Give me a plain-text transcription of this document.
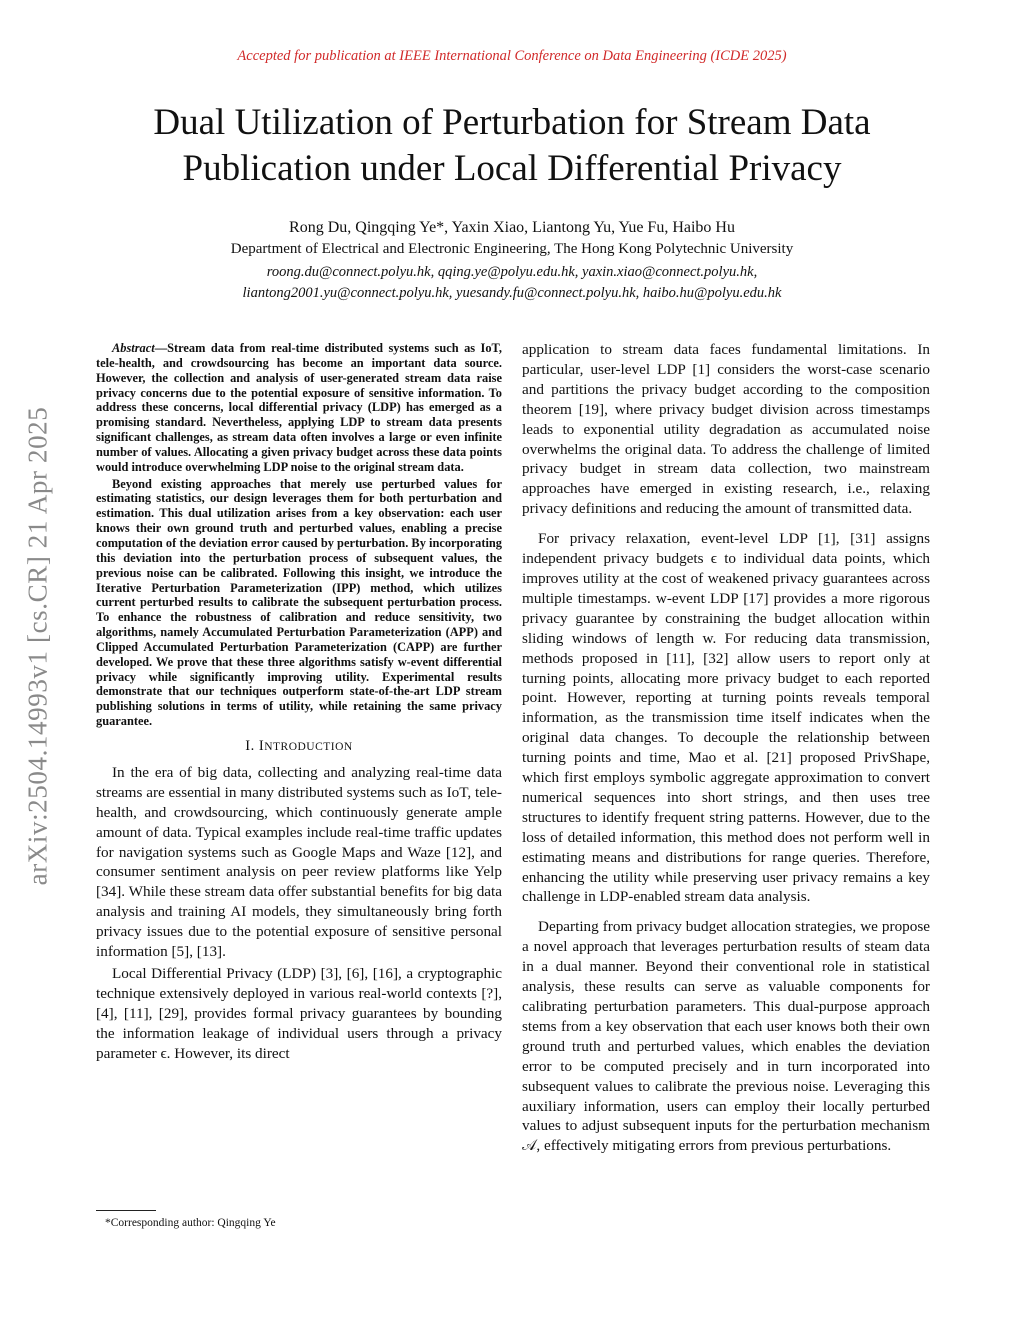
Accepted for publication at IEEE International Conference on Data Engineering (ICDE 2025)
Dual Utilization of Perturbation for Stream Data Publication under Local Differential Privacy
Rong Du, Qingqing Ye*, Yaxin Xiao, Liantong Yu, Yue Fu, Haibo Hu
Department of Electrical and Electronic Engineering, The Hong Kong Polytechnic University
roong.du@connect.polyu.hk, qqing.ye@polyu.edu.hk, yaxin.xiao@connect.polyu.hk,
liantong2001.yu@connect.polyu.hk, yuesandy.fu@connect.polyu.hk, haibo.hu@polyu.edu.hk
arXiv:2504.14993v1 [cs.CR] 21 Apr 2025

Abstract—Stream data from real-time distributed systems such as IoT, tele-health, and crowdsourcing has become an important data source. However, the collection and analysis of user-generated stream data raise privacy concerns due to the potential exposure of sensitive information. To address these concerns, local differential privacy (LDP) has emerged as a promising standard. Nevertheless, applying LDP to stream data presents significant challenges, as stream data often involves a large or even infinite number of values. Allocating a given privacy budget across these data points would introduce overwhelming LDP noise to the original stream data.

Beyond existing approaches that merely use perturbed values for estimating statistics, our design leverages them for both perturbation and estimation. This dual utilization arises from a key observation: each user knows their own ground truth and perturbed values, enabling a precise computation of the deviation error caused by perturbation. By incorporating this deviation into the perturbation process of subsequent values, the previous noise can be calibrated. Following this insight, we introduce the Iterative Perturbation Parameterization (IPP) method, which utilizes current perturbed results to calibrate the subsequent perturbation process. To enhance the robustness of calibration and reduce sensitivity, two algorithms, namely Accumulated Perturbation Parameterization (APP) and Clipped Accumulated Perturbation Parameterization (CAPP) are further developed. We prove that these three algorithms satisfy w-event differential privacy while significantly improving utility. Experimental results demonstrate that our techniques outperform state-of-the-art LDP stream publishing solutions in terms of utility, while retaining the same privacy guarantee.

I. INTRODUCTION

In the era of big data, collecting and analyzing real-time data streams are essential in many distributed systems such as IoT, tele-health, and crowdsourcing, which continuously generate ample amount of data. Typical examples include real-time traffic updates for navigation systems such as Google Maps and Waze [12], and consumer sentiment analysis on peer review platforms like Yelp [34]. While these stream data offer substantial benefits for big data analysis and training AI models, they simultaneously bring forth privacy issues due to the potential exposure of sensitive personal information [5], [13].

Local Differential Privacy (LDP) [3], [6], [16], a cryptographic technique extensively deployed in various real-world contexts [?], [4], [11], [29], provides formal privacy guarantees by bounding the information leakage of individual users through a privacy parameter ϵ. However, its direct

application to stream data faces fundamental limitations. In particular, user-level LDP [1] considers the worst-case scenario and partitions the privacy budget according to the composition theorem [19], where privacy budget division across timestamps leads to exponential utility degradation as accumulated noise overwhelms the original data. To address the challenge of limited privacy budget in stream data collection, two mainstream approaches have emerged in existing research, i.e., relaxing privacy definitions and reducing the amount of transmitted data.

For privacy relaxation, event-level LDP [1], [31] assigns independent privacy budgets ϵ to individual data points, which improves utility at the cost of weakened privacy guarantees across multiple timestamps. w-event LDP [17] provides a more rigorous privacy guarantee by constraining the budget allocation within sliding windows of length w. For reducing data transmission, methods proposed in [11], [32] allow users to report only at turning points, allocating more privacy budget to each reported point. However, reporting at turning points reveals temporal information, as the transmission time itself indicates when the original data changes. To decouple the relationship between turning points and time, Mao et al. [21] proposed PrivShape, which first employs symbolic aggregate approximation to convert numerical sequences into short strings, and then uses tree structures to identify frequent string patterns. However, due to the loss of detailed information, this method does not perform well in estimating means and distributions for range queries. Therefore, enhancing the utility while preserving user privacy remains a key challenge in LDP-enabled stream data analysis.

Departing from privacy budget allocation strategies, we propose a novel approach that leverages perturbation results of steam data in a dual manner. Beyond their conventional role in statistical analysis, these results can serve as valuable components for calibrating perturbation parameters. This dual-purpose approach stems from a key observation that each user knows both their own ground truth and perturbed values, which enables the deviation error to be computed precisely and in turn incorporated into subsequent values to calibrate the previous noise. Leveraging this auxiliary information, users can employ their locally perturbed values to adjust subsequent inputs for the perturbation mechanism 𝒜, effectively mitigating errors from previous perturbations.

*Corresponding author: Qingqing Ye
